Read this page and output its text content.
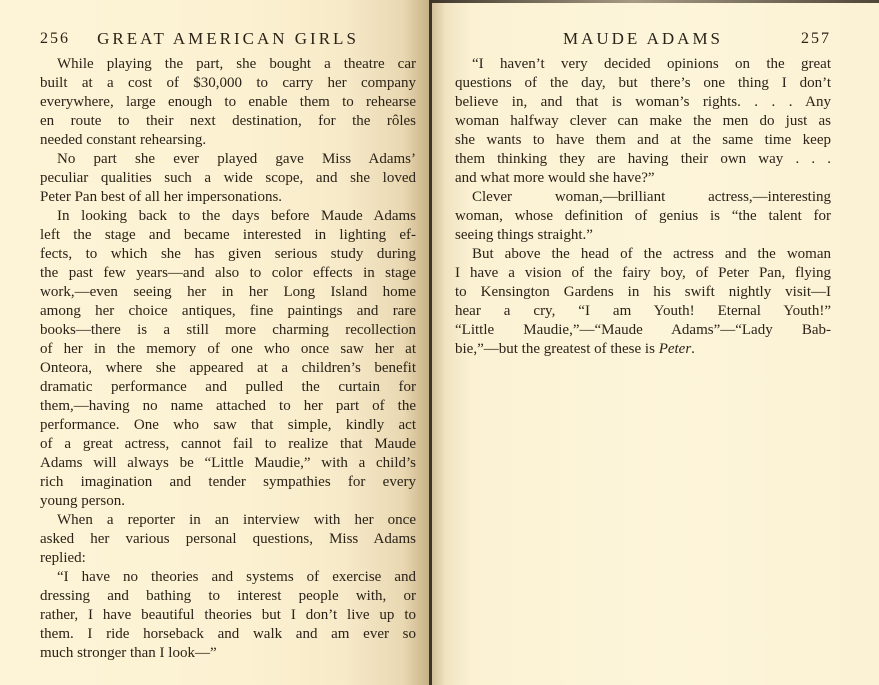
256	GREAT AMERICAN GIRLS
While playing the part, she bought a theatre car
built at a cost of $30,000 to carry her company
everywhere, large enough to enable them to rehearse
en route to their next destination, for the rôles
needed constant rehearsing.
No part she ever played gave Miss Adams’
peculiar qualities such a wide scope, and she loved
Peter Pan best of all her impersonations.
In looking back to the days before Maude Adams
left the stage and became interested in lighting ef-
fects, to which she has given serious study during
the past few years—and also to color effects in stage
work,—even seeing her in her Long Island home
among her choice antiques, fine paintings and rare
books—there is a still more charming recollection
of her in the memory of one who once saw her at
Onteora, where she appeared at a children’s benefit
dramatic performance and pulled the curtain for
them,—having no name attached to her part of the
performance. One who saw that simple, kindly act
of a great actress, cannot fail to realize that Maude
Adams will always be “Little Maudie,” with a child’s
rich imagination and tender sympathies for every
young person.
When a reporter in an interview with her once
asked her various personal questions, Miss Adams
replied:
“I have no theories and systems of exercise and
dressing and bathing to interest people with, or
rather, I have beautiful theories but I don’t live up to
them. I ride horseback and walk and am ever so
much stronger than I look—”
MAUDE ADAMS	257
“I haven’t very decided opinions on the great
questions of the day, but there’s one thing I don’t
believe in, and that is woman’s rights. . . . Any
woman halfway clever can make the men do just as
she wants to have them and at the same time keep
them thinking they are having their own way . . .
and what more would she have?”
Clever woman,—brilliant actress,—interesting
woman, whose definition of genius is “the talent for
seeing things straight.”
But above the head of the actress and the woman
I have a vision of the fairy boy, of Peter Pan, flying
to Kensington Gardens in his swift nightly visit—I
hear a cry, “I am Youth! Eternal Youth!”
“Little Maudie,”—“Maude Adams”—“Lady Bab-
bie,”—but the greatest of these is Peter.
